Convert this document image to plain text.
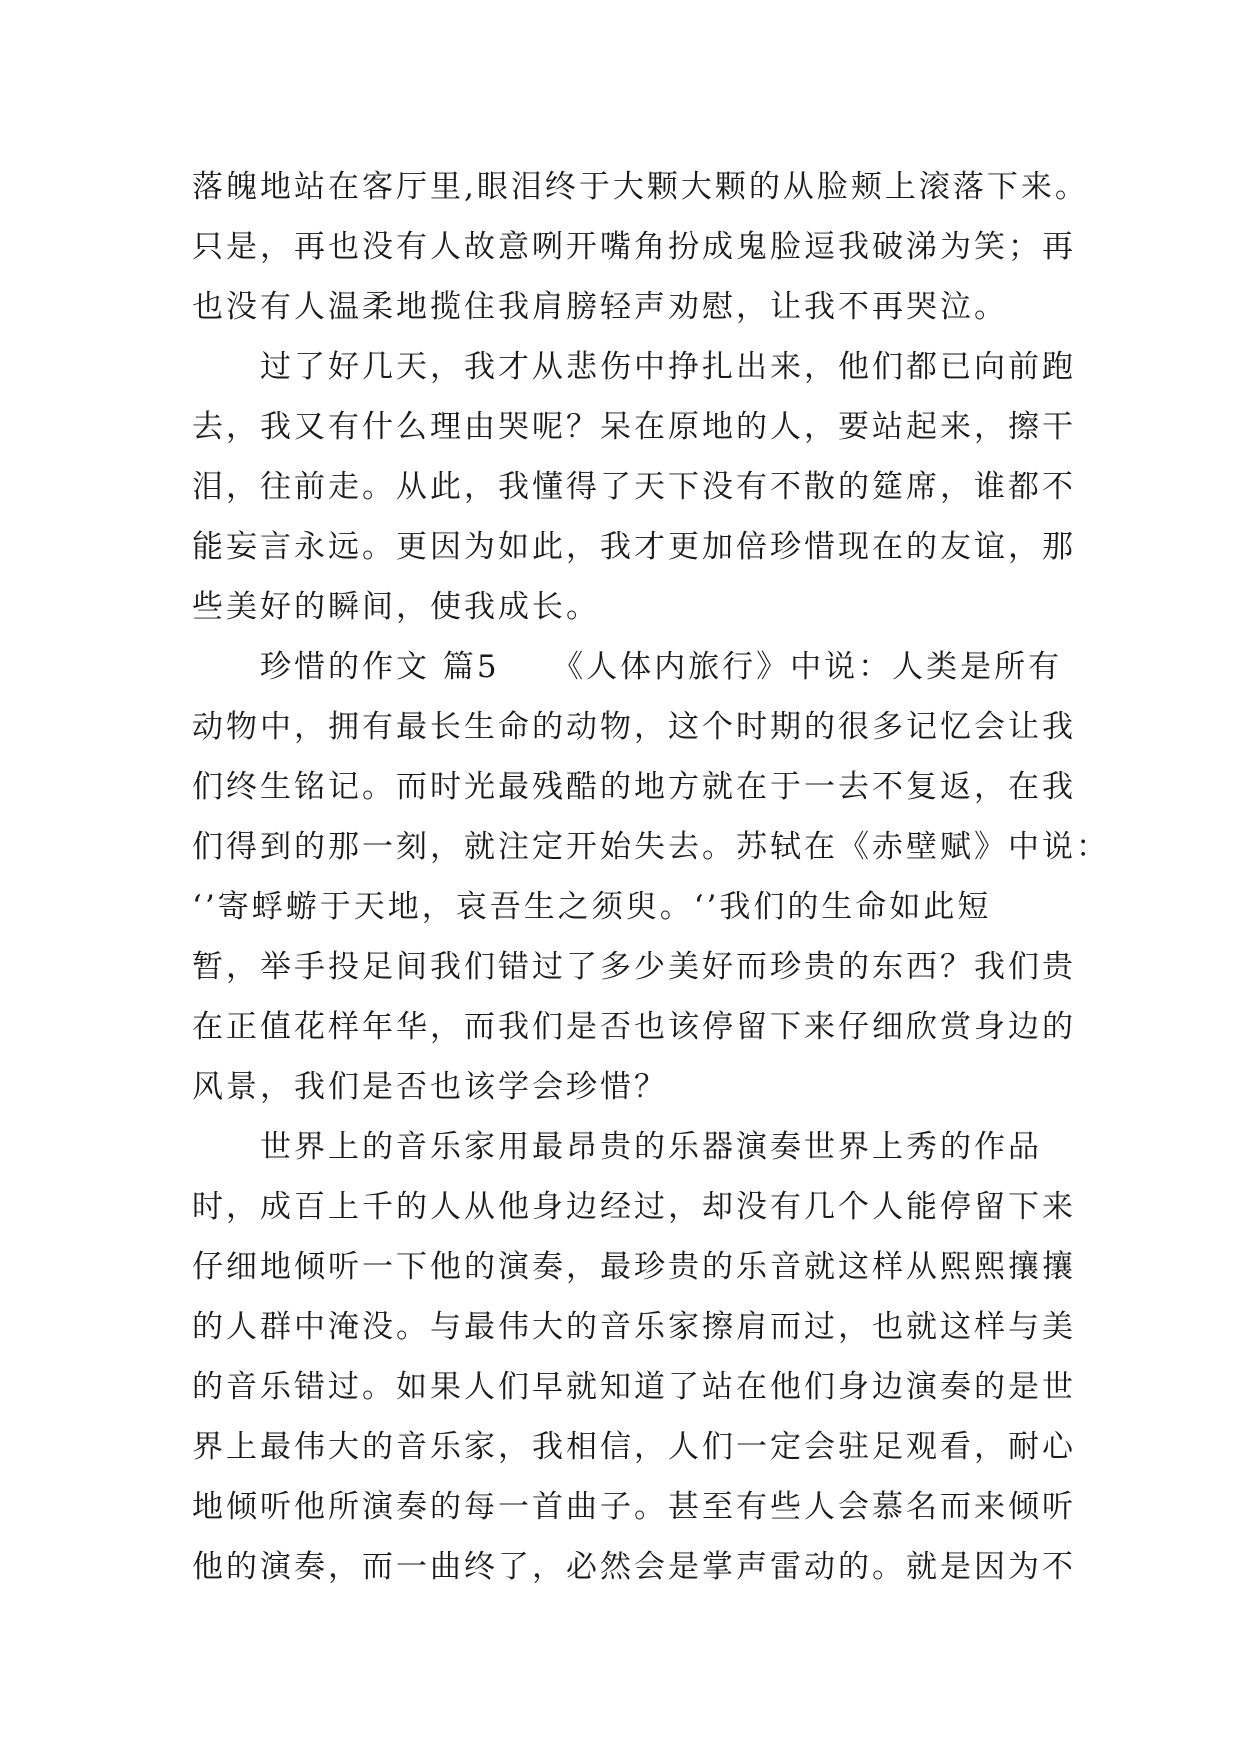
落魄地站在客厅里,眼泪终于大颗大颗的从脸颊上滚落下来。
只是，再也没有人故意咧开嘴角扮成鬼脸逗我破涕为笑；再
也没有人温柔地揽住我肩膀轻声劝慰，让我不再哭泣。
　　过了好几天，我才从悲伤中挣扎出来，他们都已向前跑
去，我又有什么理由哭呢？呆在原地的人，要站起来，擦干
泪，往前走。从此，我懂得了天下没有不散的筵席，谁都不
能妄言永远。更因为如此，我才更加倍珍惜现在的友谊，那
些美好的瞬间，使我成长。
　　珍惜的作文 篇5　　《人体内旅行》中说：人类是所有
动物中，拥有最长生命的动物，这个时期的很多记忆会让我
们终生铭记。而时光最残酷的地方就在于一去不复返，在我
们得到的那一刻，就注定开始失去。苏轼在《赤壁赋》中说：
‘’寄蜉蝣于天地，哀吾生之须臾。‘’我们的生命如此短
暂，举手投足间我们错过了多少美好而珍贵的东西？我们贵
在正值花样年华，而我们是否也该停留下来仔细欣赏身边的
风景，我们是否也该学会珍惜？
　　世界上的音乐家用最昂贵的乐器演奏世界上秀的作品
时，成百上千的人从他身边经过，却没有几个人能停留下来
仔细地倾听一下他的演奏，最珍贵的乐音就这样从熙熙攘攘
的人群中淹没。与最伟大的音乐家擦肩而过，也就这样与美
的音乐错过。如果人们早就知道了站在他们身边演奏的是世
界上最伟大的音乐家，我相信，人们一定会驻足观看，耐心
地倾听他所演奏的每一首曲子。甚至有些人会慕名而来倾听
他的演奏，而一曲终了，必然会是掌声雷动的。就是因为不
